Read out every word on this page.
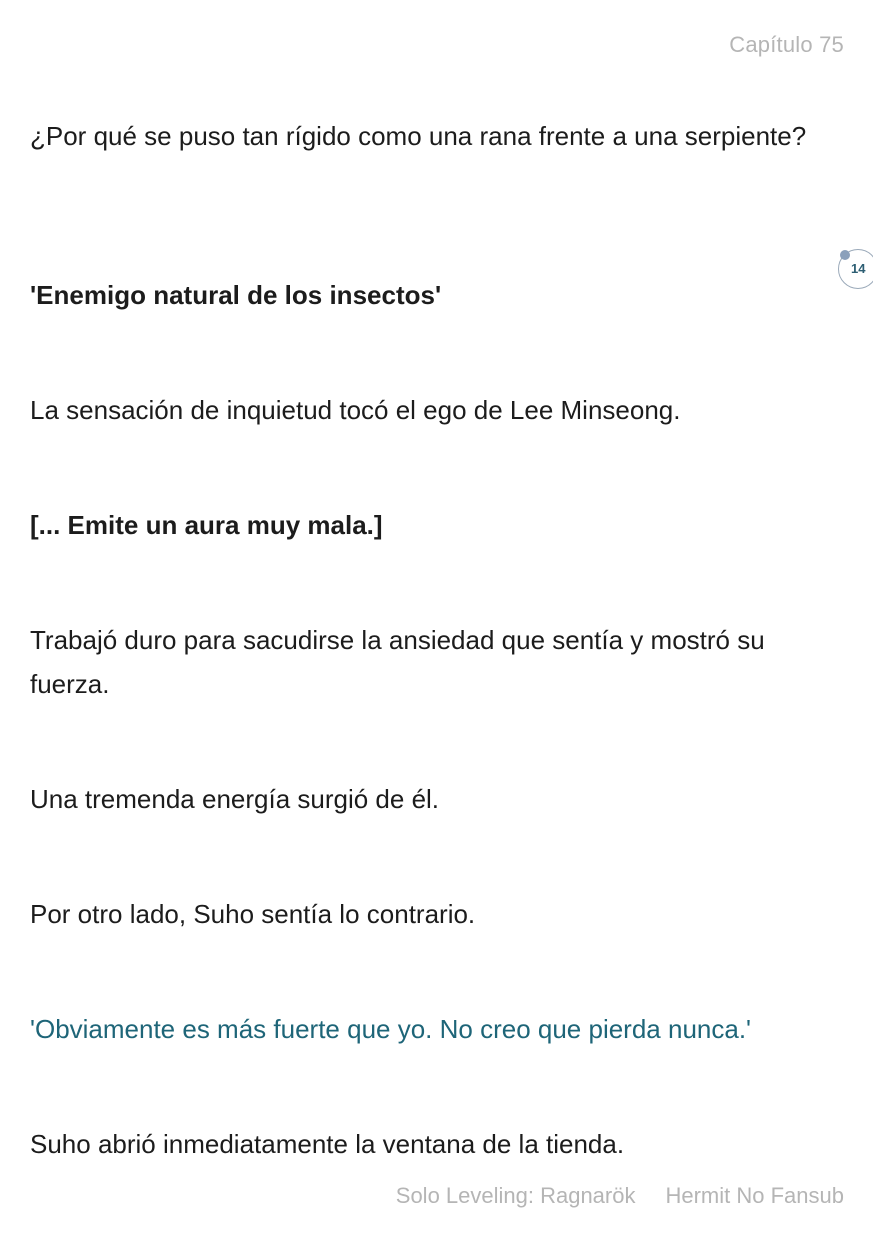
Capítulo 75
14

¿Por qué se puso tan rígido como una rana frente a una serpiente?

'Enemigo natural de los insectos'

La sensación de inquietud tocó el ego de Lee Minseong.

[... Emite un aura muy mala.]

Trabajó duro para sacudirse la ansiedad que sentía y mostró su fuerza.

Una tremenda energía surgió de él.

Por otro lado, Suho sentía lo contrario.

'Obviamente es más fuerte que yo. No creo que pierda nunca.'

Suho abrió inmediatamente la ventana de la tienda.

Solo Leveling: Ragnarök Hermit No Fansub
